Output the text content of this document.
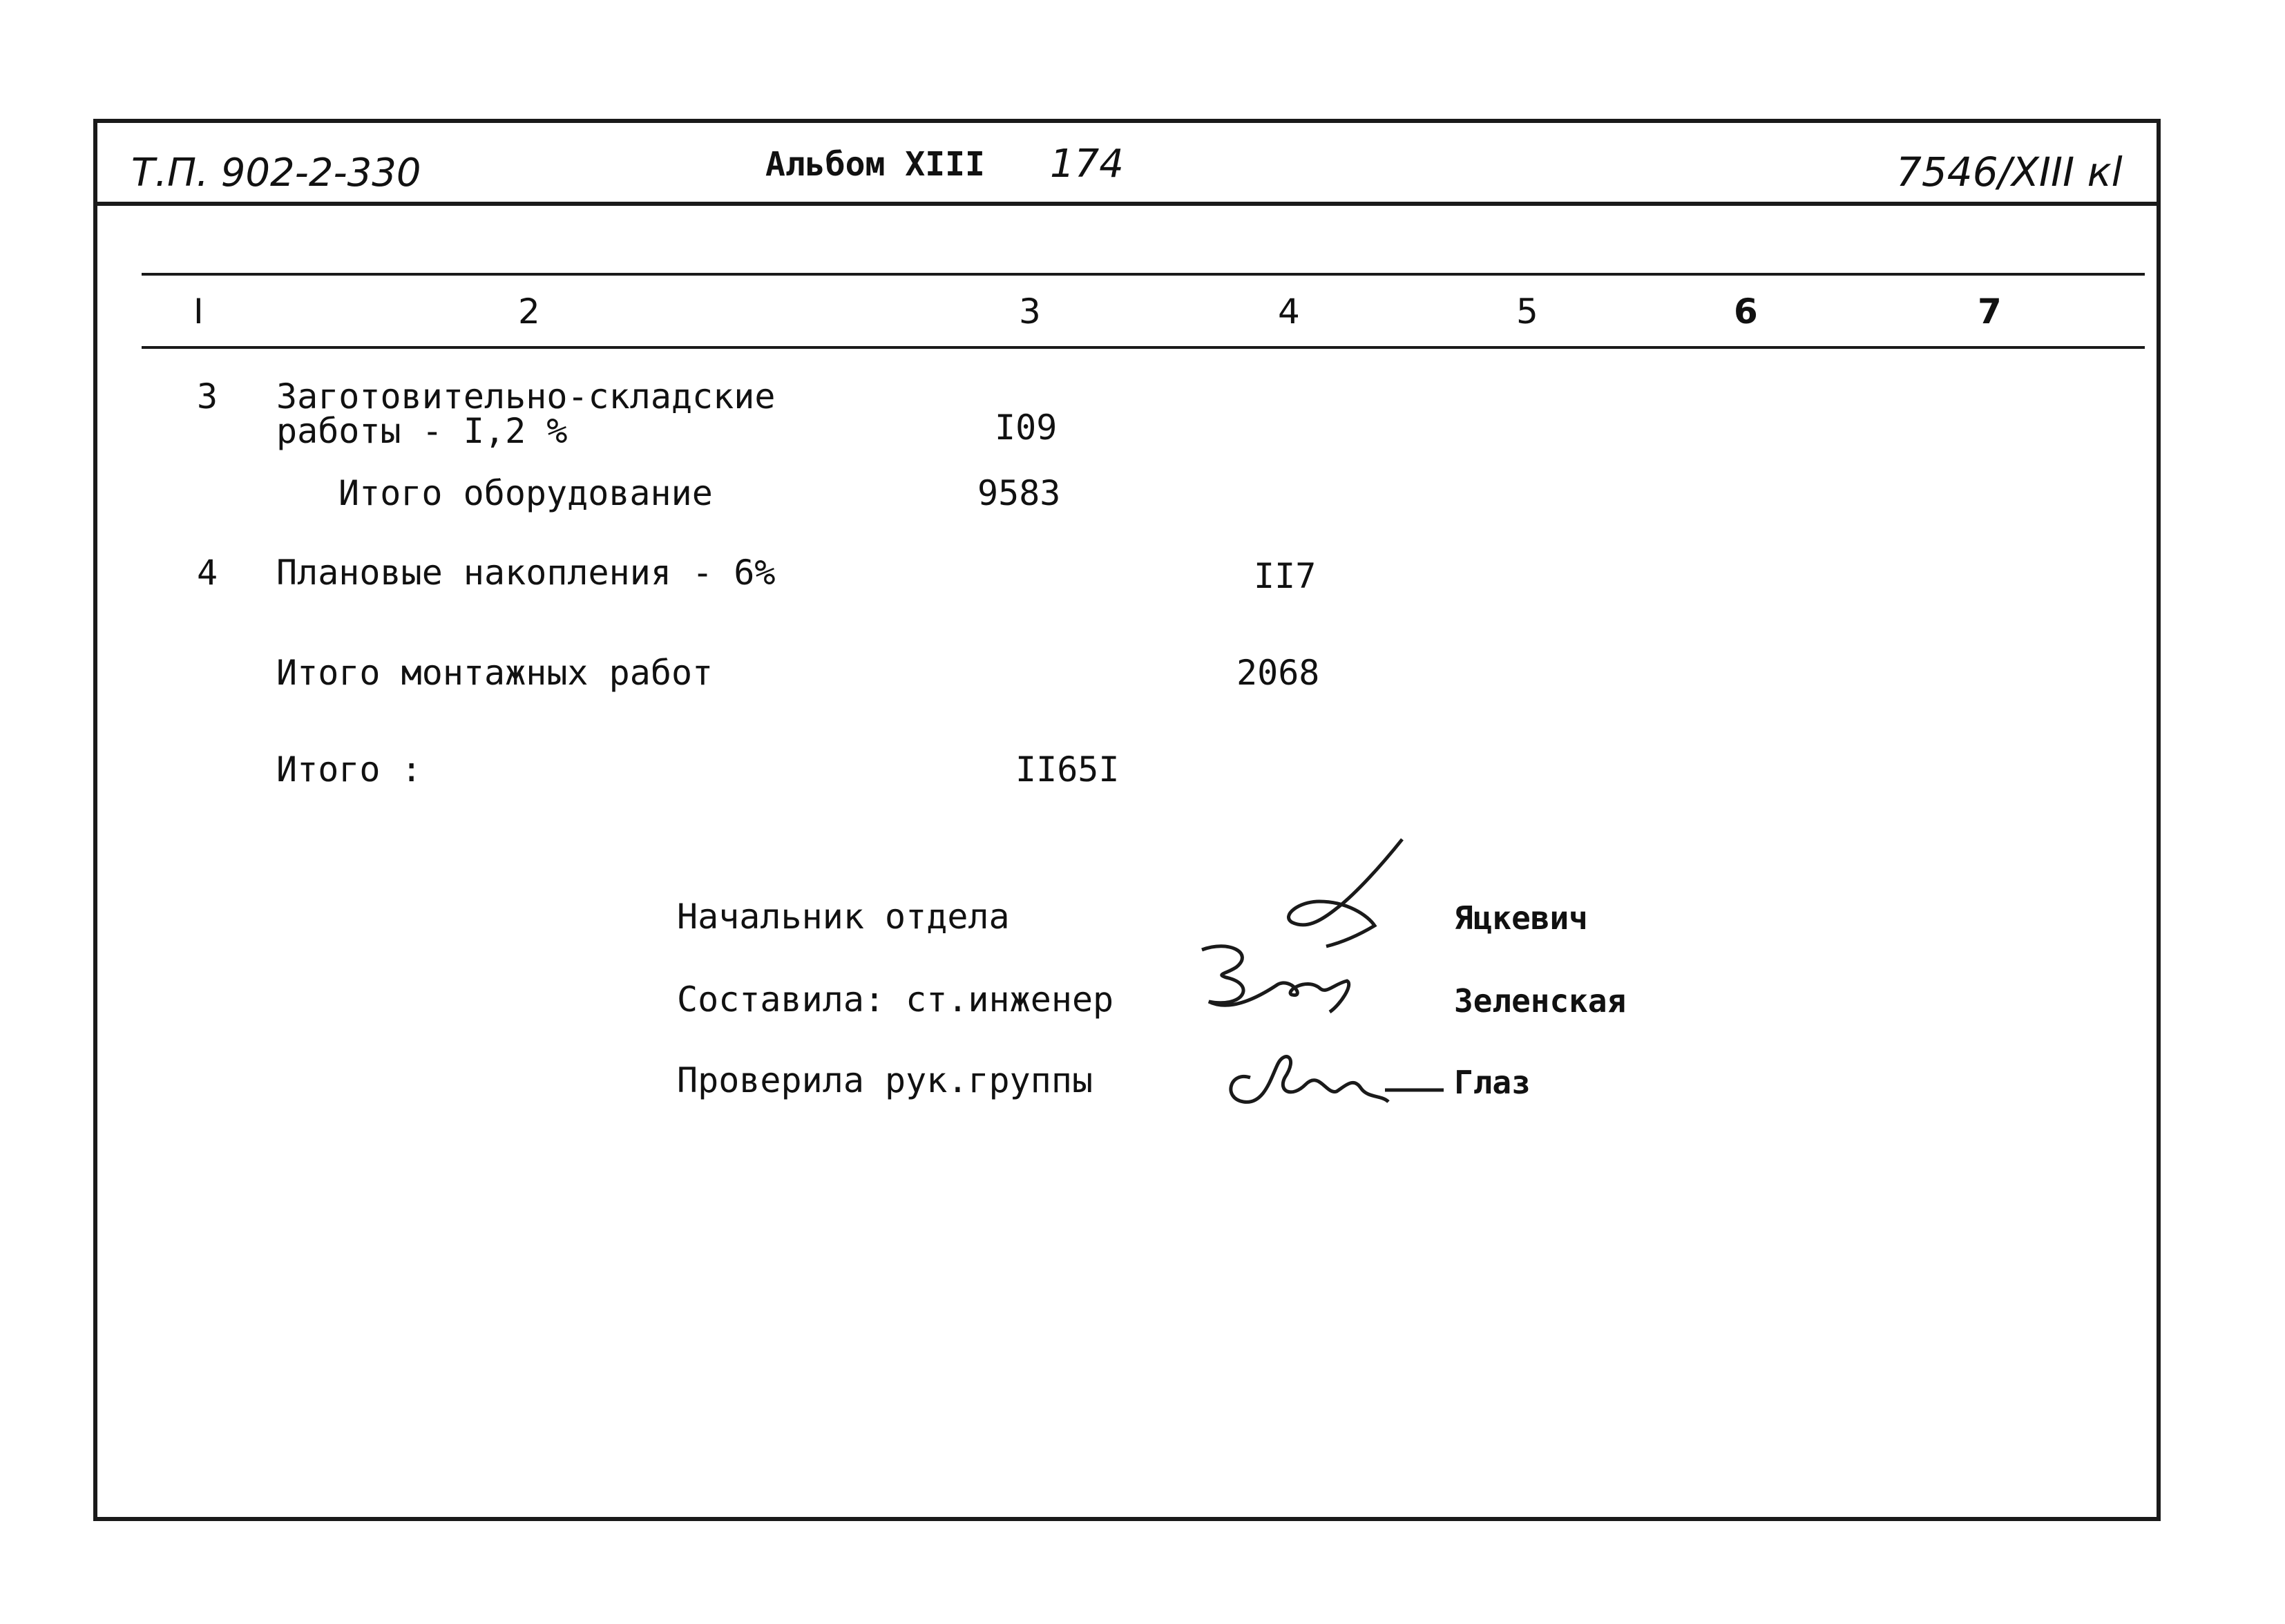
Т.П. 902-2-330	Альбом XIII 174	7546/XIII кl
I	2	3	4	5	6	7
3 Заготовительно-складские
работы - I,2 %	I09
Итого оборудование	9583
4 Плановые накопления - 6%	II7
Итого монтажных работ	2068
Итого :	II65I
Начальник отдела	Яцкевич
Составила: ст.инженер	Зеленская
Проверила рук.группы	Глаз
